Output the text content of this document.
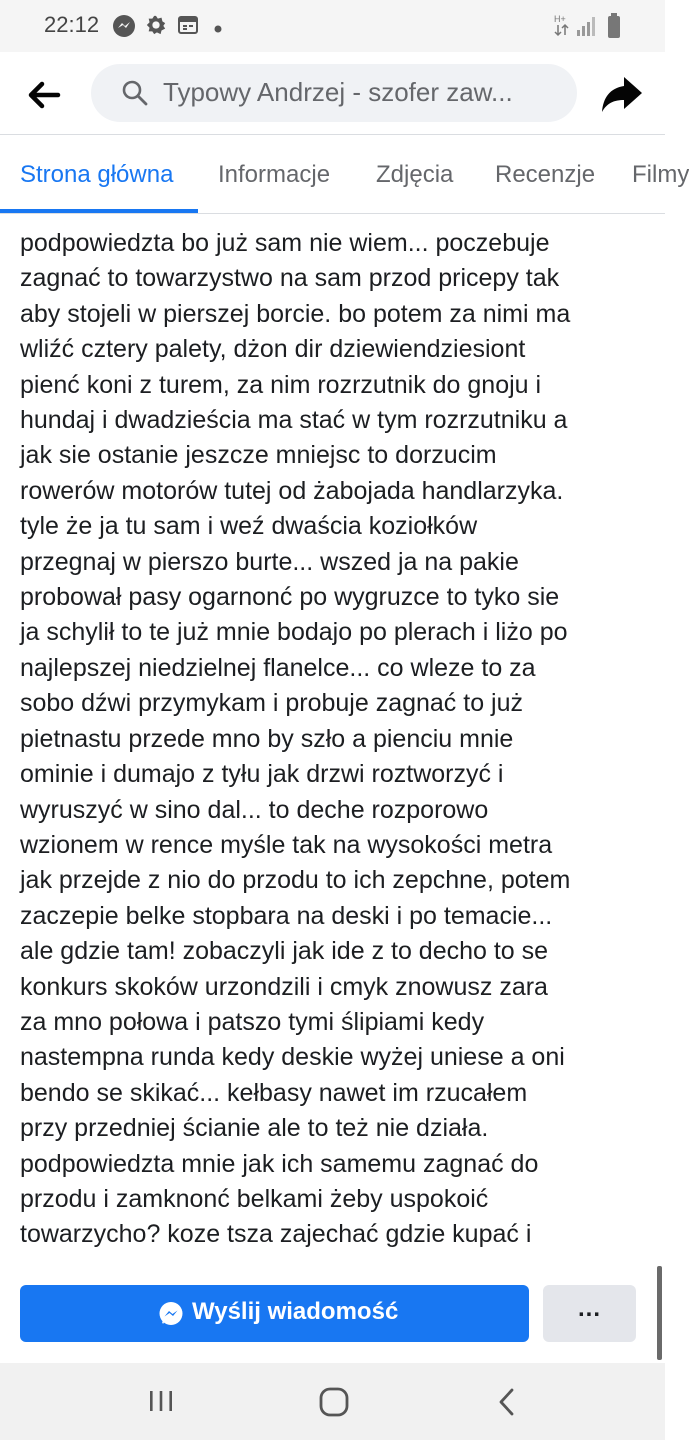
22:12	H+
Typowy Andrzej - szofer zaw...
Strona główna Informacje Zdjęcia Recenzje Filmy
podpowiedzta bo już sam nie wiem... poczebuje
zagnać to towarzystwo na sam przod pricepy tak
aby stojeli w pierszej borcie. bo potem za nimi ma
wliźć cztery palety, dżon dir dziewiendziesiont
pienć koni z turem, za nim rozrzutnik do gnoju i
hundaj i dwadzieścia ma stać w tym rozrzutniku a
jak sie ostanie jeszcze mniejsc to dorzucim
rowerów motorów tutej od żabojada handlarzyka.
tyle że ja tu sam i weź dwaścia koziołków
przegnaj w pierszo burte... wszed ja na pakie
probował pasy ogarnonć po wygruzce to tyko sie
ja schylił to te już mnie bodajo po plerach i liżo po
najlepszej niedzielnej flanelce... co wleze to za
sobo dźwi przymykam i probuje zagnać to już
pietnastu przede mno by szło a pienciu mnie
ominie i dumajo z tyłu jak drzwi roztworzyć i
wyruszyć w sino dal... to deche rozporowo
wzionem w rence myśle tak na wysokości metra
jak przejde z nio do przodu to ich zepchne, potem
zaczepie belke stopbara na deski i po temacie...
ale gdzie tam! zobaczyli jak ide z to decho to se
konkurs skoków urzondzili i cmyk znowusz zara
za mno połowa i patszo tymi ślipiami kedy
nastempna runda kedy deskie wyżej uniese a oni
bendo se skikać... kełbasy nawet im rzucałem
przy przedniej ścianie ale to też nie działa.
podpowiedzta mnie jak ich samemu zagnać do
przodu i zamknonć belkami żeby uspokoić
towarzycho? koze tsza zajechać gdzie kupać i
Wyślij wiadomość	...
